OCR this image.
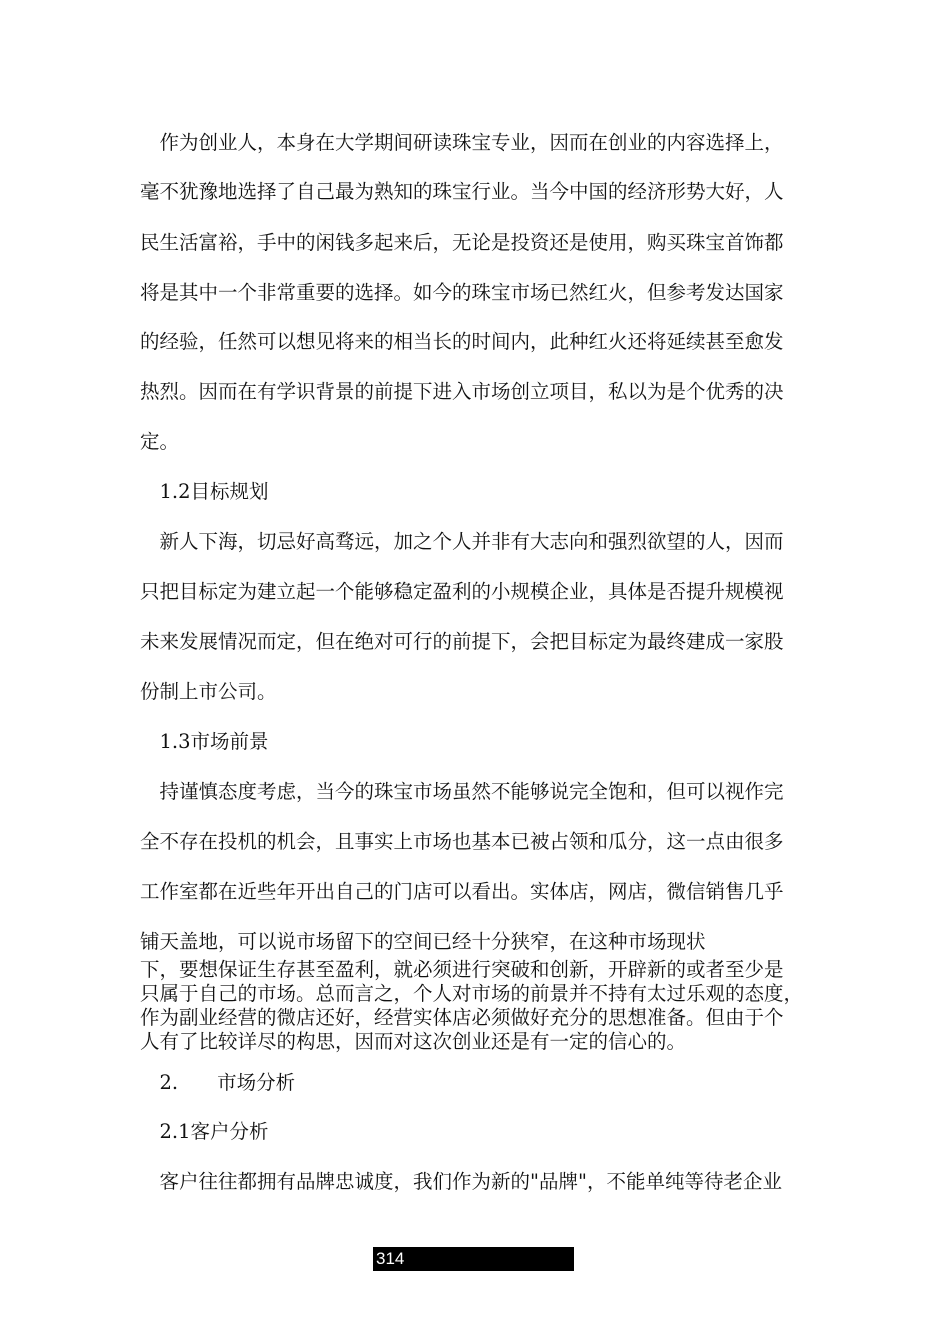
　作为创业人，本身在大学期间研读珠宝专业，因而在创业的内容选择上，
毫不犹豫地选择了自己最为熟知的珠宝行业。当今中国的经济形势大好，人
民生活富裕，手中的闲钱多起来后，无论是投资还是使用，购买珠宝首饰都
将是其中一个非常重要的选择。如今的珠宝市场已然红火，但参考发达国家
的经验，任然可以想见将来的相当长的时间内，此种红火还将延续甚至愈发
热烈。因而在有学识背景的前提下进入市场创立项目，私以为是个优秀的决
定。
　1.2目标规划
　新人下海，切忌好高骛远，加之个人并非有大志向和强烈欲望的人，因而
只把目标定为建立起一个能够稳定盈利的小规模企业，具体是否提升规模视
未来发展情况而定，但在绝对可行的前提下，会把目标定为最终建成一家股
份制上市公司。
　1.3市场前景
　持谨慎态度考虑，当今的珠宝市场虽然不能够说完全饱和，但可以视作完
全不存在投机的机会，且事实上市场也基本已被占领和瓜分，这一点由很多
工作室都在近些年开出自己的门店可以看出。实体店，网店，微信销售几乎
铺天盖地，可以说市场留下的空间已经十分狭窄，在这种市场现状
下，要想保证生存甚至盈利，就必须进行突破和创新，开辟新的或者至少是
只属于自己的市场。总而言之，个人对市场的前景并不持有太过乐观的态度，
作为副业经营的微店还好，经营实体店必须做好充分的思想准备。但由于个
人有了比较详尽的构思，因而对这次创业还是有一定的信心的。
　2.　　市场分析
　2.1客户分析
　客户往往都拥有品牌忠诚度，我们作为新的"品牌"，不能单纯等待老企业
314
